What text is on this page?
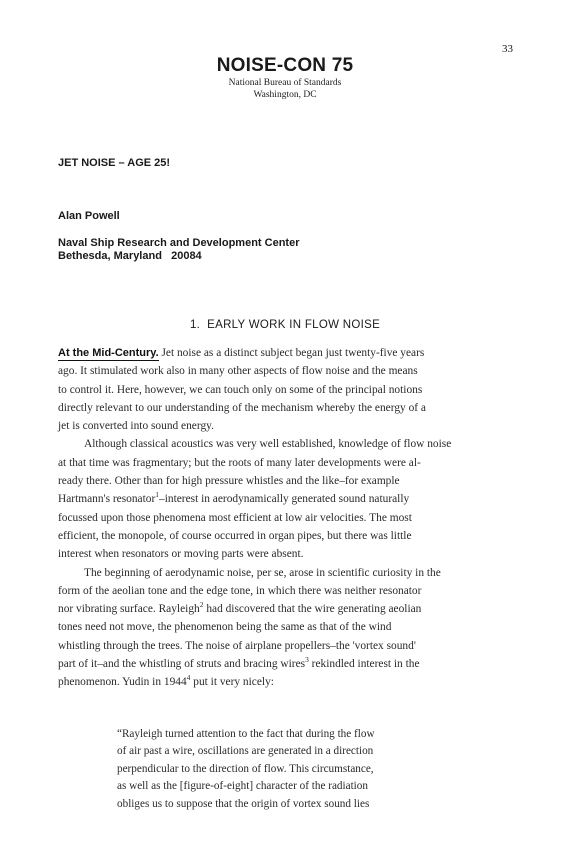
33
NOISE-CON 75
National Bureau of Standards
Washington, DC
JET NOISE – AGE 25!
Alan Powell
Naval Ship Research and Development Center
Bethesda, Maryland   20084
1.  EARLY WORK IN FLOW NOISE
At the Mid-Century. Jet noise as a distinct subject began just twenty-five years
ago. It stimulated work also in many other aspects of flow noise and the means
to control it. Here, however, we can touch only on some of the principal notions
directly relevant to our understanding of the mechanism whereby the energy of a
jet is converted into sound energy.
Although classical acoustics was very well established, knowledge of flow noise
at that time was fragmentary; but the roots of many later developments were al-
ready there. Other than for high pressure whistles and the like–for example
Hartmann's resonator$^1$–interest in aerodynamically generated sound naturally
focussed upon those phenomena most efficient at low air velocities. The most
efficient, the monopole, of course occurred in organ pipes, but there was little
interest when resonators or moving parts were absent.
The beginning of aerodynamic noise, per se, arose in scientific curiosity in the
form of the aeolian tone and the edge tone, in which there was neither resonator
nor vibrating surface. Rayleigh$^2$ had discovered that the wire generating aeolian
tones need not move, the phenomenon being the same as that of the wind
whistling through the trees. The noise of airplane propellers–the 'vortex sound'
part of it–and the whistling of struts and bracing wires$^3$ rekindled interest in the
phenomenon. Yudin in 1944$^4$ put it very nicely:
“Rayleigh turned attention to the fact that during the flow
of air past a wire, oscillations are generated in a direction
perpendicular to the direction of flow. This circumstance,
as well as the [figure-of-eight] character of the radiation
obliges us to suppose that the origin of vortex sound lies
